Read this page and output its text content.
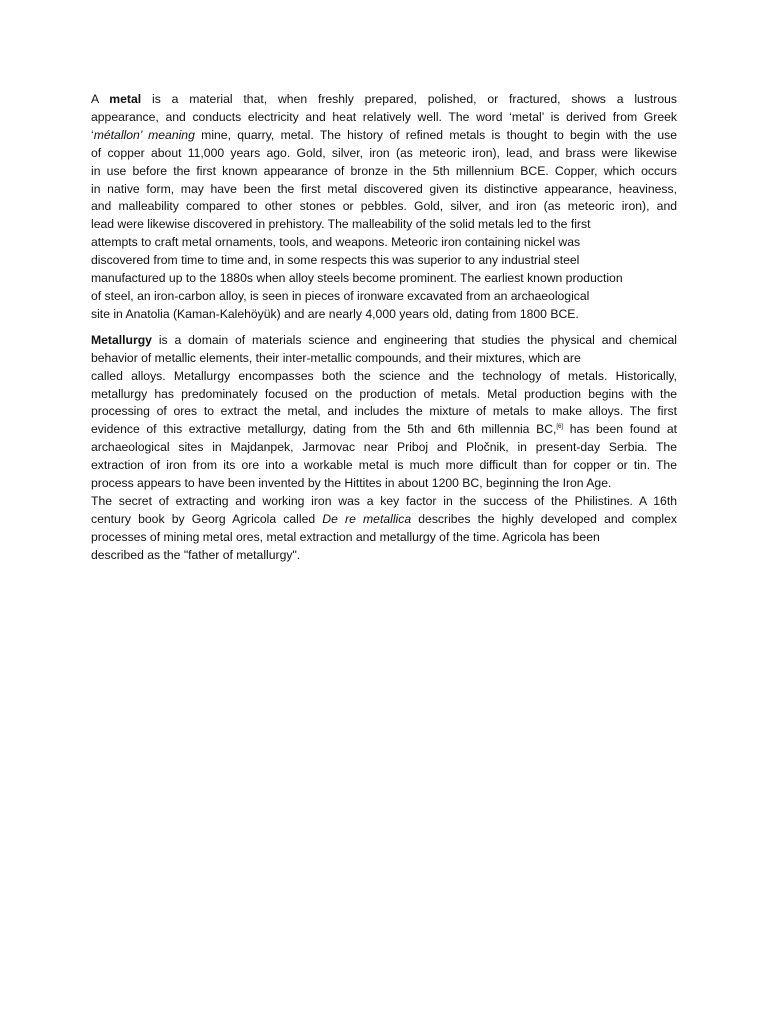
A metal is a material that, when freshly prepared, polished, or fractured, shows a lustrous
appearance, and conducts electricity and heat relatively well. The word ‘metal’ is derived from Greek
‘métallon’ meaning mine, quarry, metal. The history of refined metals is thought to begin with the use
of copper about 11,000 years ago. Gold, silver, iron (as meteoric iron), lead, and brass were likewise
in use before the first known appearance of bronze in the 5th millennium BCE. Copper, which occurs
in native form, may have been the first metal discovered given its distinctive appearance, heaviness,
and malleability compared to other stones or pebbles. Gold, silver, and iron (as meteoric iron), and
lead were likewise discovered in prehistory. The malleability of the solid metals led to the first
attempts to craft metal ornaments, tools, and weapons. Meteoric iron containing nickel was
discovered from time to time and, in some respects this was superior to any industrial steel
manufactured up to the 1880s when alloy steels become prominent. The earliest known production
of steel, an iron-carbon alloy, is seen in pieces of ironware excavated from an archaeological
site in Anatolia (Kaman-Kalehöyük) and are nearly 4,000 years old, dating from 1800 BCE.
Metallurgy is a domain of materials science and engineering that studies the physical and chemical
behavior of metallic elements, their inter-metallic compounds, and their mixtures, which are
called alloys. Metallurgy encompasses both the science and the technology of metals. Historically,
metallurgy has predominately focused on the production of metals. Metal production begins with the
processing of ores to extract the metal, and includes the mixture of metals to make alloys. The first
evidence of this extractive metallurgy, dating from the 5th and 6th millennia BC,[6] has been found at
archaeological sites in Majdanpek, Jarmovac near Priboj and Pločnik, in present-day Serbia. The
extraction of iron from its ore into a workable metal is much more difficult than for copper or tin. The
process appears to have been invented by the Hittites in about 1200 BC, beginning the Iron Age.
The secret of extracting and working iron was a key factor in the success of the Philistines. A 16th
century book by Georg Agricola called De re metallica describes the highly developed and complex
processes of mining metal ores, metal extraction and metallurgy of the time. Agricola has been
described as the "father of metallurgy".
